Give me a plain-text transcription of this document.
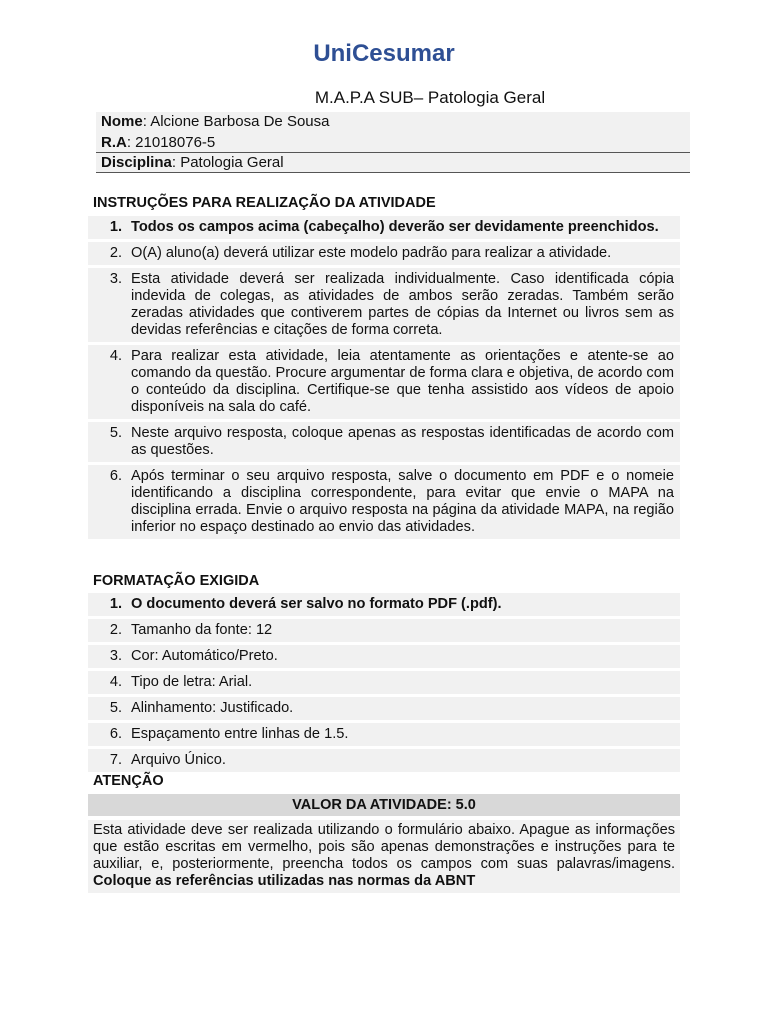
UniCesumar
M.A.P.A SUB– Patologia Geral
Nome: Alcione Barbosa De Sousa
R.A: 21018076-5
Disciplina: Patologia Geral
INSTRUÇÕES PARA REALIZAÇÃO DA ATIVIDADE
1. Todos os campos acima (cabeçalho) deverão ser devidamente preenchidos.
2. O(A) aluno(a) deverá utilizar este modelo padrão para realizar a atividade.
3. Esta atividade deverá ser realizada individualmente. Caso identificada cópia indevida de colegas, as atividades de ambos serão zeradas. Também serão zeradas atividades que contiverem partes de cópias da Internet ou livros sem as devidas referências e citações de forma correta.
4. Para realizar esta atividade, leia atentamente as orientações e atente-se ao comando da questão. Procure argumentar de forma clara e objetiva, de acordo com o conteúdo da disciplina. Certifique-se que tenha assistido aos vídeos de apoio disponíveis na sala do café.
5. Neste arquivo resposta, coloque apenas as respostas identificadas de acordo com as questões.
6. Após terminar o seu arquivo resposta, salve o documento em PDF e o nomeie identificando a disciplina correspondente, para evitar que envie o MAPA na disciplina errada. Envie o arquivo resposta na página da atividade MAPA, na região inferior no espaço destinado ao envio das atividades.
FORMATAÇÃO EXIGIDA
1. O documento deverá ser salvo no formato PDF (.pdf).
2. Tamanho da fonte: 12
3. Cor: Automático/Preto.
4. Tipo de letra: Arial.
5. Alinhamento: Justificado.
6. Espaçamento entre linhas de 1.5.
7. Arquivo Único.
ATENÇÃO
VALOR DA ATIVIDADE: 5.0
Esta atividade deve ser realizada utilizando o formulário abaixo. Apague as informações que estão escritas em vermelho, pois são apenas demonstrações e instruções para te auxiliar, e, posteriormente, preencha todos os campos com suas palavras/imagens. Coloque as referências utilizadas nas normas da ABNT
